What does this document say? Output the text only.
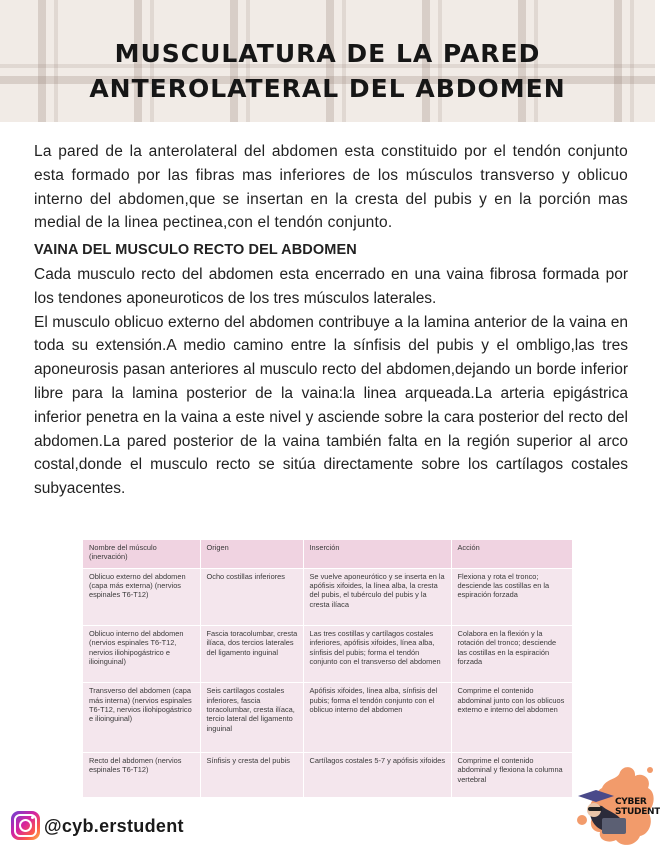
MUSCULATURA DE LA PARED
ANTEROLATERAL DEL ABDOMEN

La pared de la anterolateral del abdomen esta constituido por el tendón conjunto esta formado por las fibras mas inferiores de los músculos transverso y oblicuo interno del abdomen,que se insertan en la cresta del pubis y en la porción mas medial de la linea pectinea,con el tendón conjunto.

VAINA DEL MUSCULO RECTO DEL ABDOMEN

Cada musculo recto del abdomen esta encerrado en una vaina fibrosa formada por los tendones aponeuroticos de los tres músculos laterales.

El musculo oblicuo externo del abdomen contribuye a la lamina anterior de la vaina en toda su extensión.A medio camino entre la sínfisis del pubis y el ombligo,las tres aponeurosis pasan anteriores al musculo recto del abdomen,dejando un borde inferior libre para la lamina posterior de la vaina:la linea arqueada.La arteria epigástrica inferior penetra en la vaina a este nivel y asciende sobre la cara posterior del recto del abdomen.La pared posterior de la vaina también falta en la región superior al arco costal,donde el musculo recto se sitúa directamente sobre los cartílagos costales subyacentes.

Nombre del músculo (inervación)	Origen	Inserción	Acción
Oblicuo externo del abdomen (capa más externa) (nervios espinales T6-T12)	Ocho costillas inferiores	Se vuelve aponeurótico y se inserta en la apófisis xifoides, la línea alba, la cresta del pubis, el tubérculo del pubis y la cresta ilíaca	Flexiona y rota el tronco; desciende las costillas en la espiración forzada
Oblicuo interno del abdomen (nervios espinales T6-T12, nervios iliohipogástrico e ilioinguinal)	Fascia toracolumbar, cresta ilíaca, dos tercios laterales del ligamento inguinal	Las tres costillas y cartílagos costales inferiores, apófisis xifoides, línea alba, sínfisis del pubis; forma el tendón conjunto con el transverso del abdomen	Colabora en la flexión y la rotación del tronco; desciende las costillas en la espiración forzada
Transverso del abdomen (capa más interna) (nervios espinales T6-T12, nervios iliohipogástrico e ilioinguinal)	Seis cartílagos costales inferiores, fascia toracolumbar, cresta ilíaca, tercio lateral del ligamento inguinal	Apófisis xifoides, línea alba, sínfisis del pubis; forma el tendón conjunto con el oblicuo interno del abdomen	Comprime el contenido abdominal junto con los oblicuos externo e interno del abdomen
Recto del abdomen (nervios espinales T6-T12)	Sínfisis y cresta del pubis	Cartílagos costales 5-7 y apófisis xifoides	Comprime el contenido abdominal y flexiona la columna vertebral
@cyb.erstudent
CYBER
STUDENT
